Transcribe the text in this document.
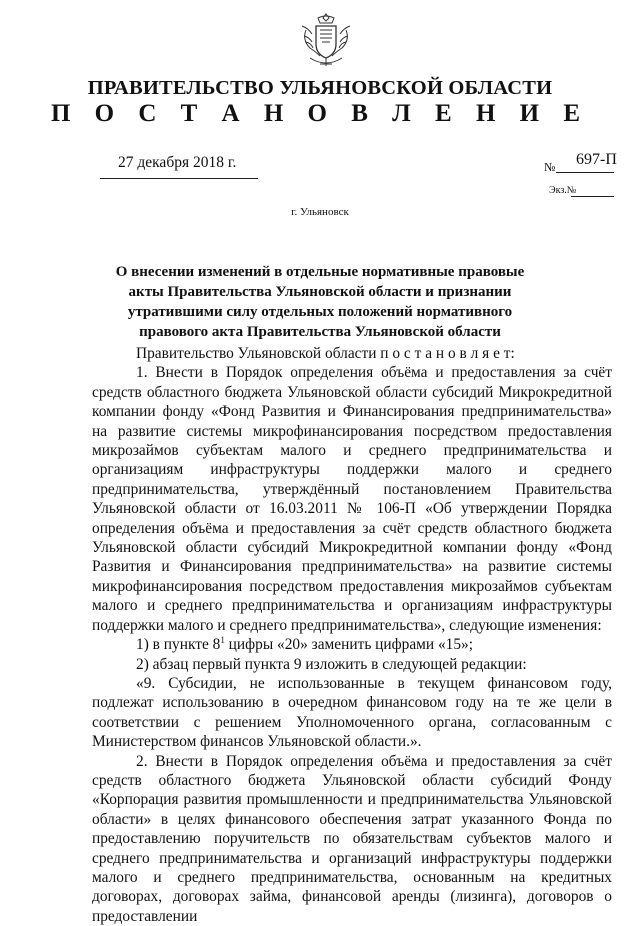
ПРАВИТЕЛЬСТВО УЛЬЯНОВСКОЙ ОБЛАСТИ
П О С Т А Н О В Л Е Н И Е
27 декабря 2018 г.	№ 697-П
Экз.№
г. Ульяновск
О внесении изменений в отдельные нормативные правовые акты Правительства Ульяновской области и признании утратившими силу отдельных положений нормативного правового акта Правительства Ульяновской области

Правительство Ульяновской области п о с т а н о в л я е т:

1. Внести в Порядок определения объёма и предоставления за счёт средств областного бюджета Ульяновской области субсидий Микрокредитной компании фонду «Фонд Развития и Финансирования предпринимательства» на развитие системы микрофинансирования посредством предоставления микрозаймов субъектам малого и среднего предпринимательства и организациям инфраструктуры поддержки малого и среднего предпринимательства, утверждённый постановлением Правительства Ульяновской области от 16.03.2011 № 106-П «Об утверждении Порядка определения объёма и предоставления за счёт средств областного бюджета Ульяновской области субсидий Микрокредитной компании фонду «Фонд Развития и Финансирования предпринимательства» на развитие системы микрофинансирования посредством предоставления микрозаймов субъектам малого и среднего предпринимательства и организациям инфраструктуры поддержки малого и среднего предпринимательства», следующие изменения:

1) в пункте $8^1$ цифры «20» заменить цифрами «15»;

2) абзац первый пункта 9 изложить в следующей редакции:

«9. Субсидии, не использованные в текущем финансовом году, подлежат использованию в очередном финансовом году на те же цели в соответствии с решением Уполномоченного органа, согласованным с Министерством финансов Ульяновской области.».

2. Внести в Порядок определения объёма и предоставления за счёт средств областного бюджета Ульяновской области субсидий Фонду «Корпорация развития промышленности и предпринимательства Ульяновской области» в целях финансового обеспечения затрат указанного Фонда по предоставлению поручительств по обязательствам субъектов малого и среднего предпринимательства и организаций инфраструктуры поддержки малого и среднего предпринимательства, основанным на кредитных договорах, договорах займа, финансовой аренды (лизинга), договоров о предоставлении
